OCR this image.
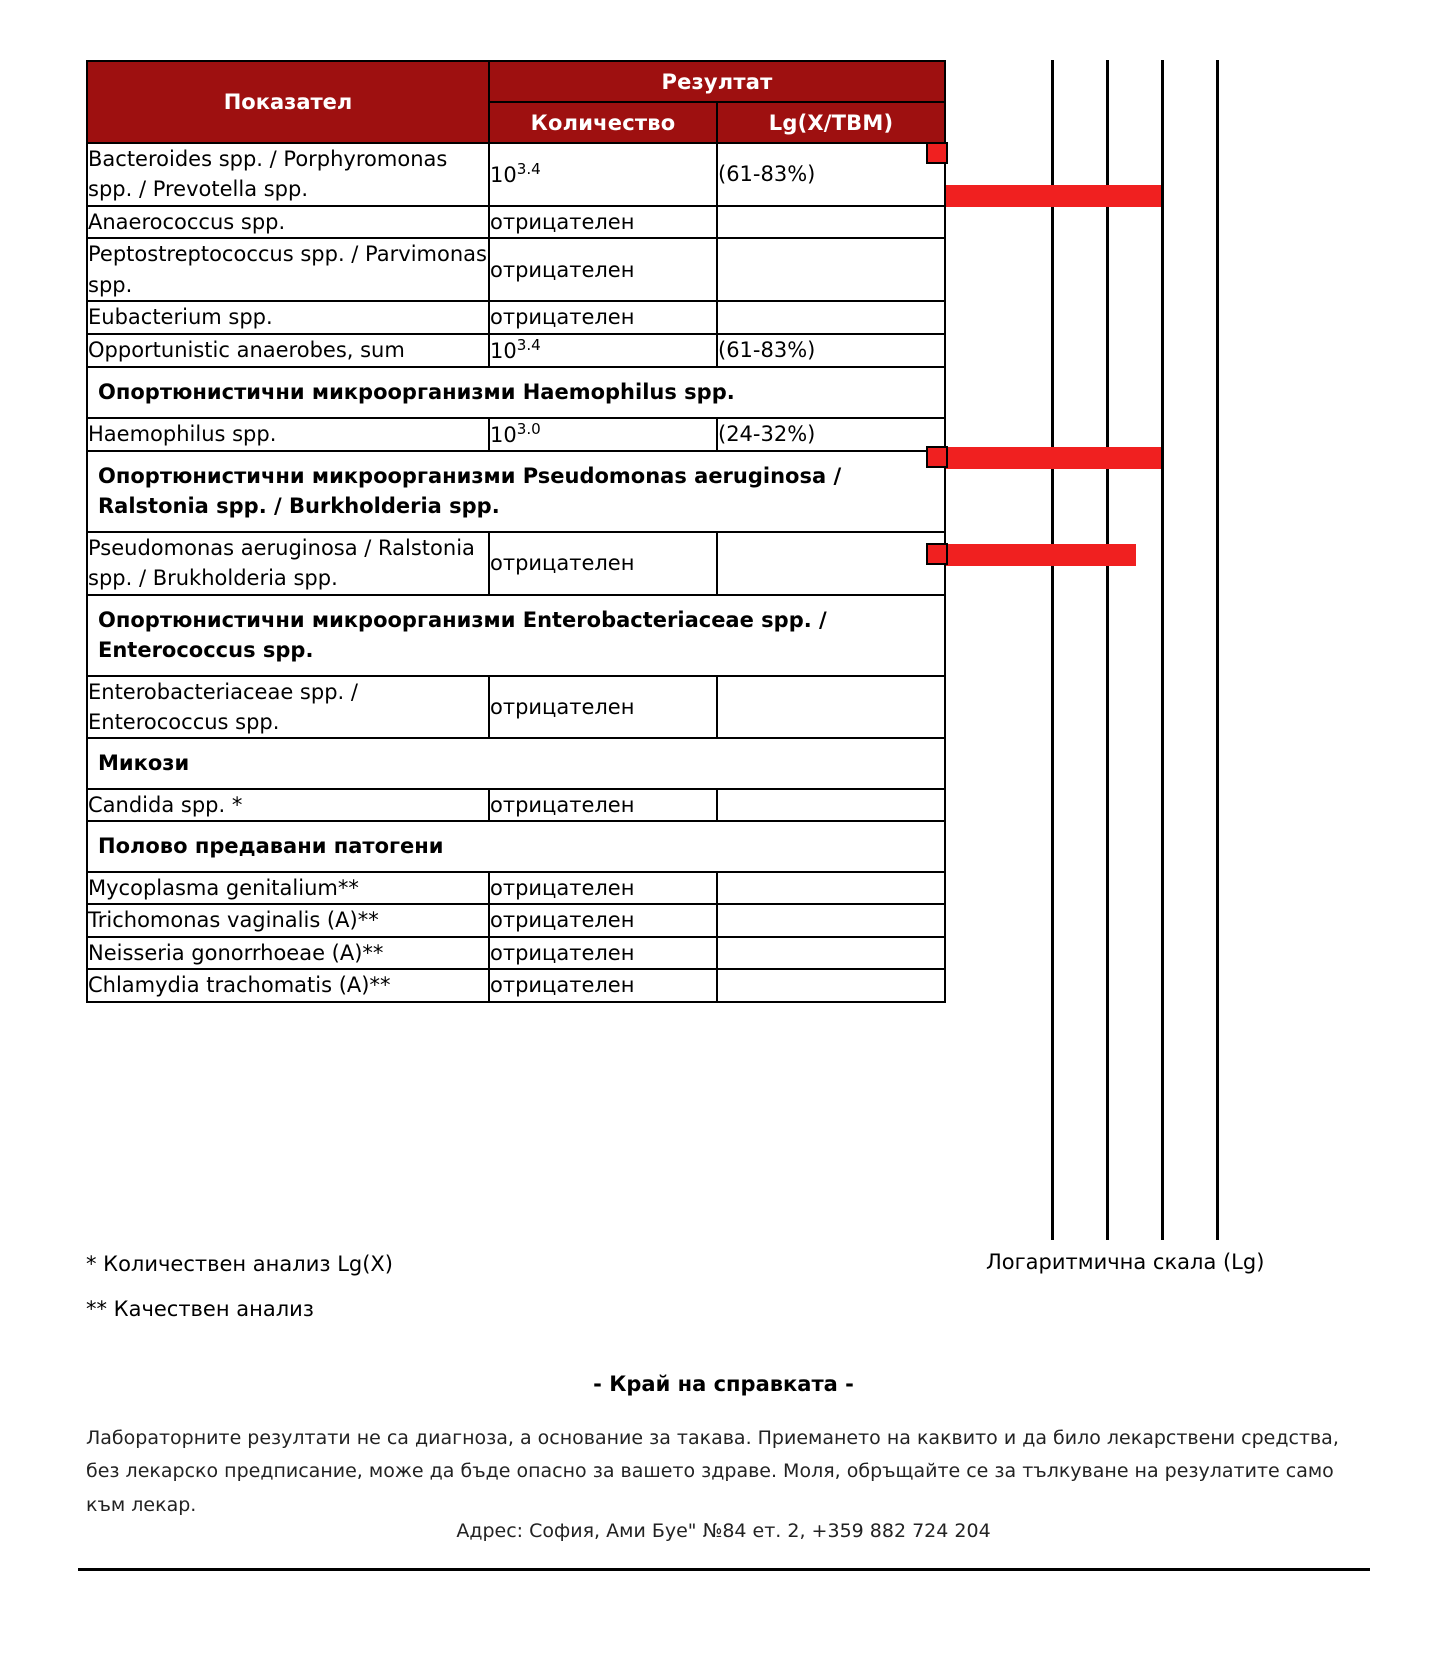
Показател	Резултат	
	Количество	Lg(X/TBM)
Bacteroides spp. / Porphyromonas spp. / Prevotella spp.	$10^{3.4}$	(61-83%)
Anaerococcus spp.	отрицателен	
Peptostreptococcus spp. / Parvimonas spp.	отрицателен	
Eubacterium spp.	отрицателен	
Opportunistic anaerobes, sum	$10^{3.4}$	(61-83%)
Опортюнистични микроорганизми Haemophilus spp.		
Haemophilus spp.	$10^{3.0}$	(24-32%)
Опортюнистични микроорганизми Pseudomonas aeruginosa / Ralstonia spp. / Burkholderia spp.		
Pseudomonas aeruginosa / Ralstonia spp. / Brukholderia spp.	отрицателен	
Опортюнистични микроорганизми Enterobacteriaceae spp. / Enterococcus spp.		
Enterobacteriaceae spp. / Enterococcus spp.	отрицателен	
Микози		
Candida spp. *	отрицателен	
Полово предавани патогени		
Mycoplasma genitalium**	отрицателен	
Trichomonas vaginalis (A)**	отрицателен	
Neisseria gonorrhoeae (A)**	отрицателен	
Chlamydia trachomatis (A)**	отрицателен	
Логаритмична скала (Lg)
* Количествен анализ Lg(X)
** Качествен анализ
- Край на справката -
Лабораторните резултати не са диагноза, а основание за такава. Приемането на каквито и да било лекарствени средства, без лекарско предписание, може да бъде опасно за вашето здраве. Моля, обръщайте се за тълкуване на резулатите само към лекар.
Адрес: София, Ами Буе" №84 ет. 2, +359 882 724 204
